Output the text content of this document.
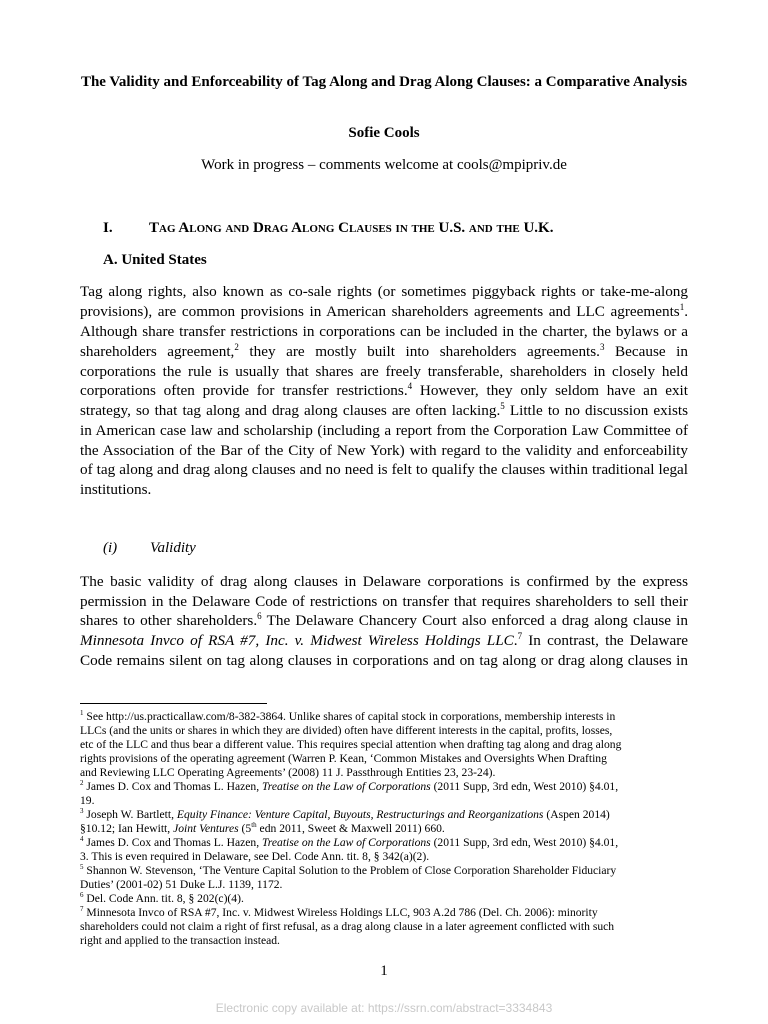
The Validity and Enforceability of Tag Along and Drag Along Clauses: a Comparative Analysis
Sofie Cools
Work in progress – comments welcome at cools@mpipriv.de
I. Tag Along and Drag Along Clauses in the U.S. and the U.K.
A. United States
Tag along rights, also known as co-sale rights (or sometimes piggyback rights or take-me-along
provisions), are common provisions in American shareholders agreements and LLC agreements$^1$.
Although share transfer restrictions in corporations can be included in the charter, the bylaws or a
shareholders agreement,$^2$ they are mostly built into shareholders agreements.$^3$ Because in
corporations the rule is usually that shares are freely transferable, shareholders in closely held
corporations often provide for transfer restrictions.$^4$ However, they only seldom have an exit
strategy, so that tag along and drag along clauses are often lacking.$^5$ Little to no discussion exists
in American case law and scholarship (including a report from the Corporation Law Committee of
the Association of the Bar of the City of New York) with regard to the validity and enforceability
of tag along and drag along clauses and no need is felt to qualify the clauses within traditional legal
institutions.
(i) Validity
The basic validity of drag along clauses in Delaware corporations is confirmed by the express
permission in the Delaware Code of restrictions on transfer that requires shareholders to sell their
shares to other shareholders.$^6$ The Delaware Chancery Court also enforced a drag along clause in
Minnesota Invco of RSA #7, Inc. v. Midwest Wireless Holdings LLC.$^7$ In contrast, the Delaware
Code remains silent on tag along clauses in corporations and on tag along or drag along clauses in
$^1$ See http://us.practicallaw.com/8-382-3864. Unlike shares of capital stock in corporations, membership interests in
LLCs (and the units or shares in which they are divided) often have different interests in the capital, profits, losses,
etc of the LLC and thus bear a different value. This requires special attention when drafting tag along and drag along
rights provisions of the operating agreement (Warren P. Kean, ‘Common Mistakes and Oversights When Drafting
and Reviewing LLC Operating Agreements’ (2008) 11 J. Passthrough Entities 23, 23-24).
$^2$ James D. Cox and Thomas L. Hazen, Treatise on the Law of Corporations (2011 Supp, 3rd edn, West 2010) §4.01,
19.
$^3$ Joseph W. Bartlett, Equity Finance: Venture Capital, Buyouts, Restructurings and Reorganizations (Aspen 2014)
§10.12; Ian Hewitt, Joint Ventures (5th edn 2011, Sweet & Maxwell 2011) 660.
$^4$ James D. Cox and Thomas L. Hazen, Treatise on the Law of Corporations (2011 Supp, 3rd edn, West 2010) §4.01,
3. This is even required in Delaware, see Del. Code Ann. tit. 8, § 342(a)(2).
$^5$ Shannon W. Stevenson, ‘The Venture Capital Solution to the Problem of Close Corporation Shareholder Fiduciary
Duties’ (2001-02) 51 Duke L.J. 1139, 1172.
$^6$ Del. Code Ann. tit. 8, § 202(c)(4).
$^7$ Minnesota Invco of RSA #7, Inc. v. Midwest Wireless Holdings LLC, 903 A.2d 786 (Del. Ch. 2006): minority
shareholders could not claim a right of first refusal, as a drag along clause in a later agreement conflicted with such
right and applied to the transaction instead.
1
Electronic copy available at: https://ssrn.com/abstract=3334843
